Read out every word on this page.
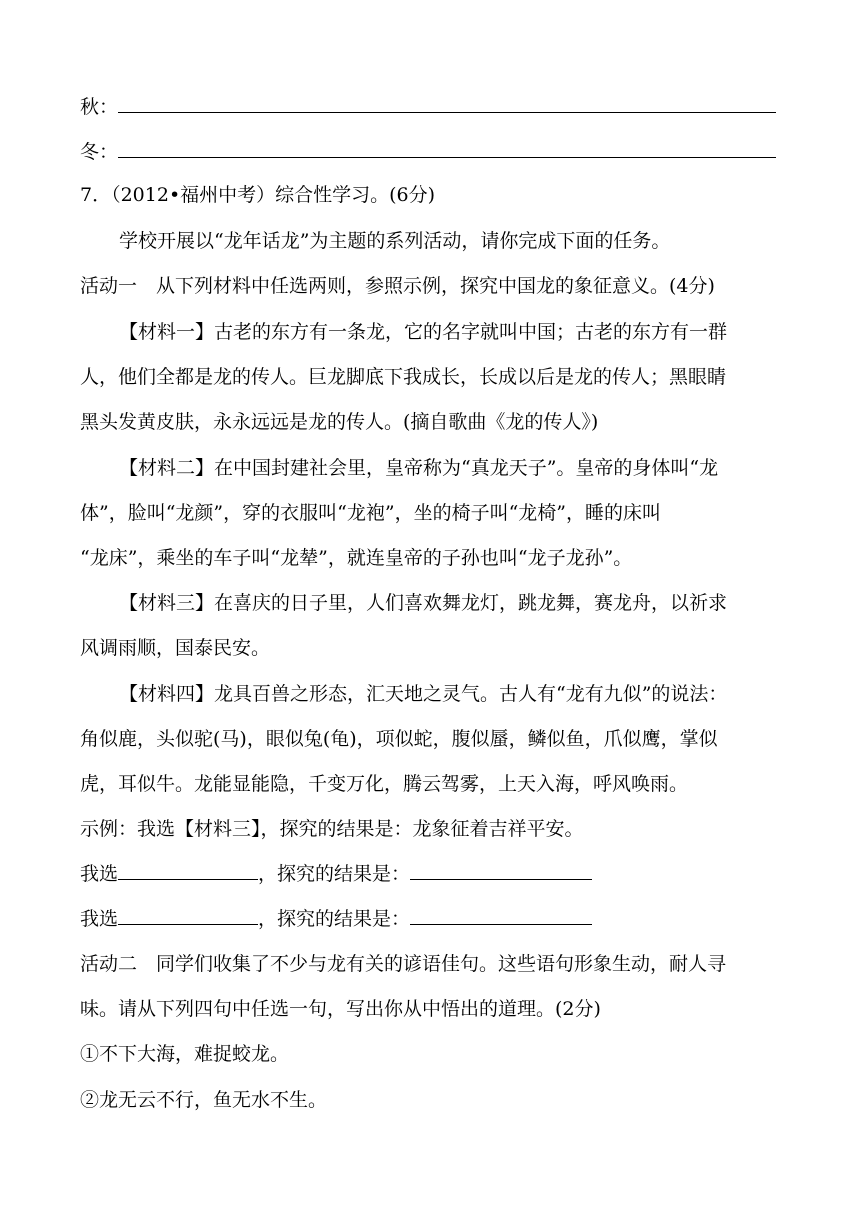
秋：
冬：
7．（2012•福州中考）综合性学习。(6分)
学校开展以“龙年话龙”为主题的系列活动，请你完成下面的任务。
活动一　从下列材料中任选两则，参照示例，探究中国龙的象征意义。(4分)
【材料一】古老的东方有一条龙，它的名字就叫中国；古老的东方有一群
人，他们全都是龙的传人。巨龙脚底下我成长，长成以后是龙的传人；黑眼睛
黑头发黄皮肤，永永远远是龙的传人。(摘自歌曲《龙的传人》)
【材料二】在中国封建社会里，皇帝称为“真龙天子”。皇帝的身体叫“龙
体”，脸叫“龙颜”，穿的衣服叫“龙袍”，坐的椅子叫“龙椅”，睡的床叫
“龙床”，乘坐的车子叫“龙辇”，就连皇帝的子孙也叫“龙子龙孙”。
【材料三】在喜庆的日子里，人们喜欢舞龙灯，跳龙舞，赛龙舟，以祈求
风调雨顺，国泰民安。
【材料四】龙具百兽之形态，汇天地之灵气。古人有“龙有九似”的说法：
角似鹿，头似驼(马)，眼似兔(龟)，项似蛇，腹似蜃，鳞似鱼，爪似鹰，掌似
虎，耳似牛。龙能显能隐，千变万化，腾云驾雾，上天入海，呼风唤雨。
示例：我选【材料三】，探究的结果是：龙象征着吉祥平安。
我选	，探究的结果是：
我选	，探究的结果是：
活动二　同学们收集了不少与龙有关的谚语佳句。这些语句形象生动，耐人寻
味。请从下列四句中任选一句，写出你从中悟出的道理。(2分)
①不下大海，难捉蛟龙。
②龙无云不行，鱼无水不生。
